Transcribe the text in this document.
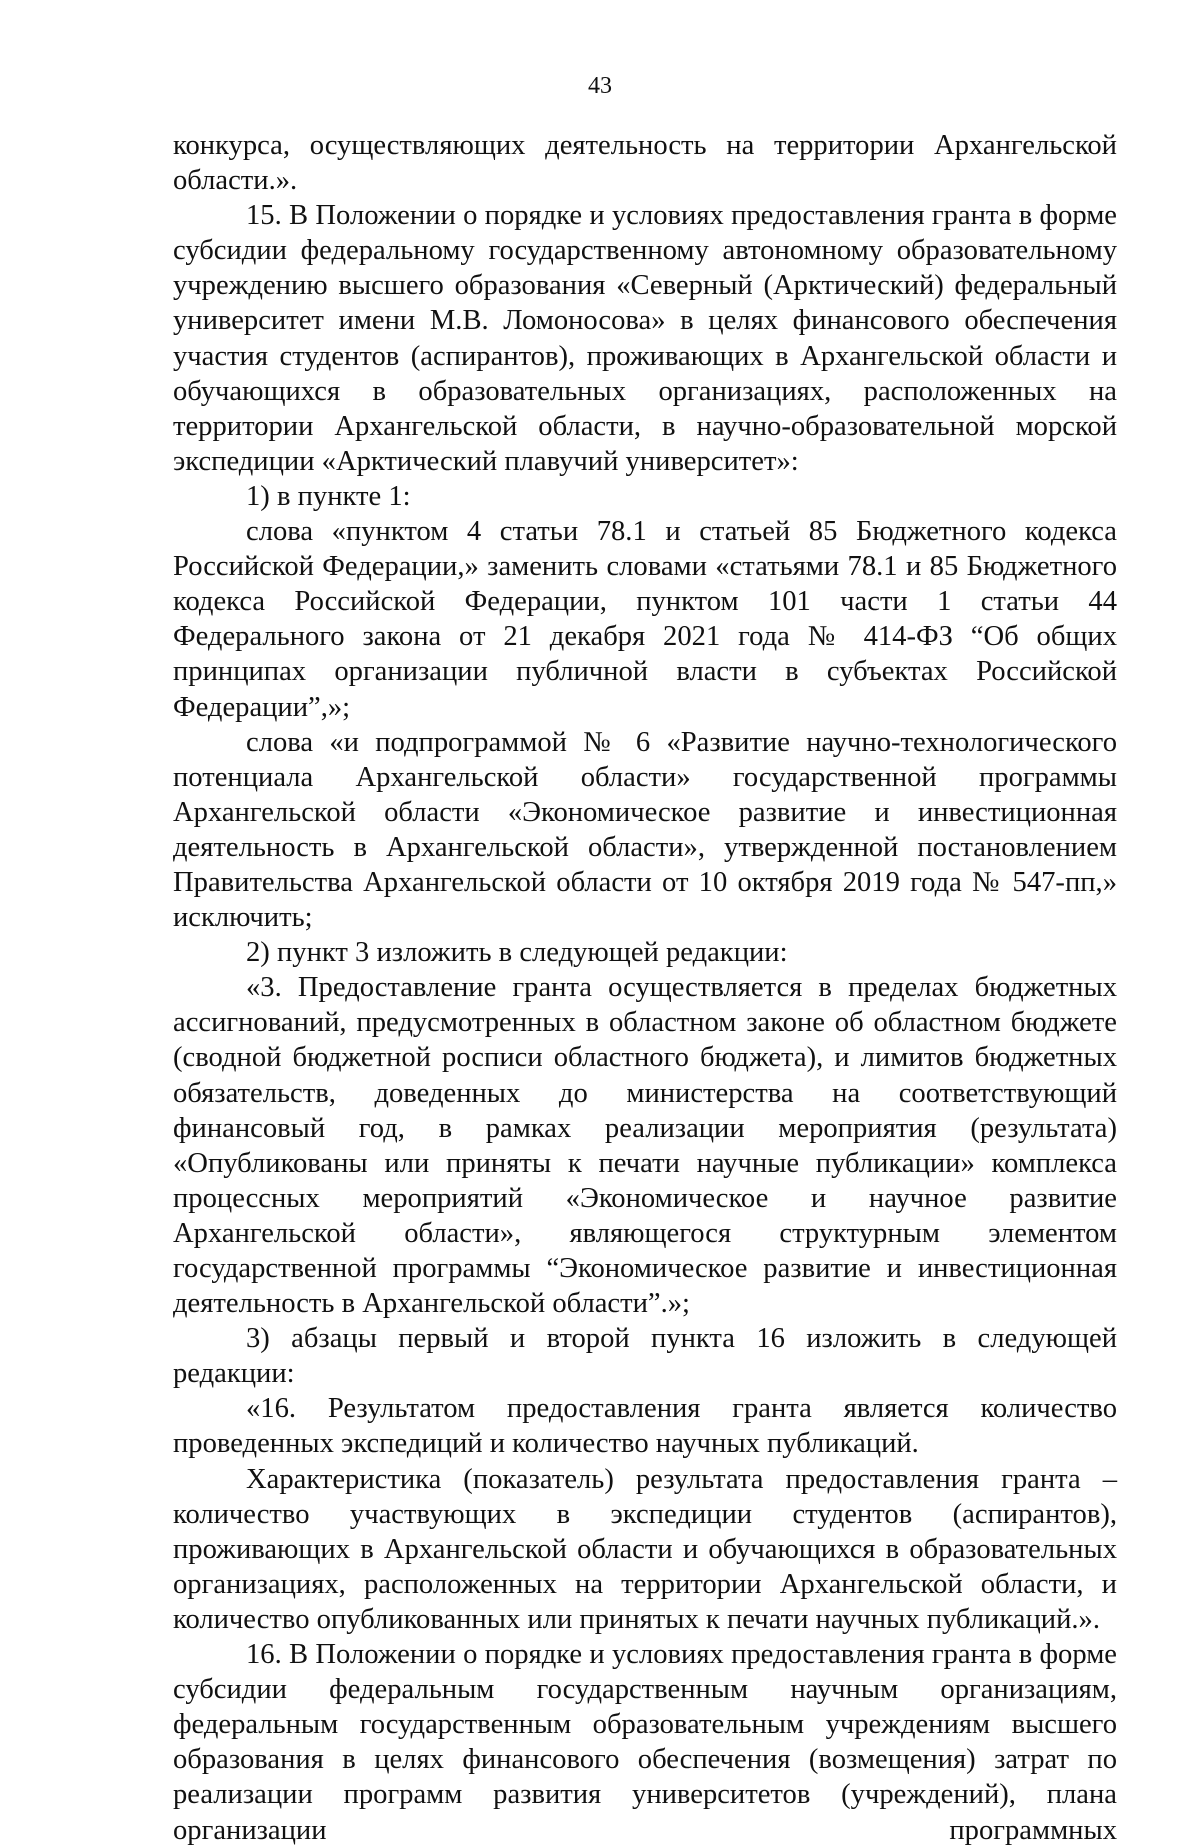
43

конкурса, осуществляющих деятельность на территории Архангельской области.».

15. В Положении о порядке и условиях предоставления гранта в форме субсидии федеральному государственному автономному образовательному учреждению высшего образования «Северный (Арктический) федеральный университет имени М.В. Ломоносова» в целях финансового обеспечения участия студентов (аспирантов), проживающих в Архангельской области и обучающихся в образовательных организациях, расположенных на территории Архангельской области, в научно-образовательной морской экспедиции «Арктический плавучий университет»:

1) в пункте 1:

слова «пунктом 4 статьи 78.1 и статьей 85 Бюджетного кодекса Российской Федерации,» заменить словами «статьями 78.1 и 85 Бюджетного кодекса Российской Федерации, пунктом 101 части 1 статьи 44 Федерального закона от 21 декабря 2021 года № 414-ФЗ “Об общих принципах организации публичной власти в субъектах Российской Федерации”,»;

слова «и подпрограммой № 6 «Развитие научно-технологического потенциала Архангельской области» государственной программы Архангельской области «Экономическое развитие и инвестиционная деятельность в Архангельской области», утвержденной постановлением Правительства Архангельской области от 10 октября 2019 года № 547-пп,» исключить;

2) пункт 3 изложить в следующей редакции:

«3. Предоставление гранта осуществляется в пределах бюджетных ассигнований, предусмотренных в областном законе об областном бюджете (сводной бюджетной росписи областного бюджета), и лимитов бюджетных обязательств, доведенных до министерства на соответствующий финансовый год, в рамках реализации мероприятия (результата) «Опубликованы или приняты к печати научные публикации» комплекса процессных мероприятий «Экономическое и научное развитие Архангельской области», являющегося структурным элементом государственной программы “Экономическое развитие и инвестиционная деятельность в Архангельской области”.»;

3) абзацы первый и второй пункта 16 изложить в следующей редакции:

«16. Результатом предоставления гранта является количество проведенных экспедиций и количество научных публикаций.

Характеристика (показатель) результата предоставления гранта – количество участвующих в экспедиции студентов (аспирантов), проживающих в Архангельской области и обучающихся в образовательных организациях, расположенных на территории Архангельской области, и количество опубликованных или принятых к печати научных публикаций.».

16. В Положении о порядке и условиях предоставления гранта в форме субсидии федеральным государственным научным организациям, федеральным государственным образовательным учреждениям высшего образования в целях финансового обеспечения (возмещения) затрат по реализации программ развития университетов (учреждений), плана организации программных
